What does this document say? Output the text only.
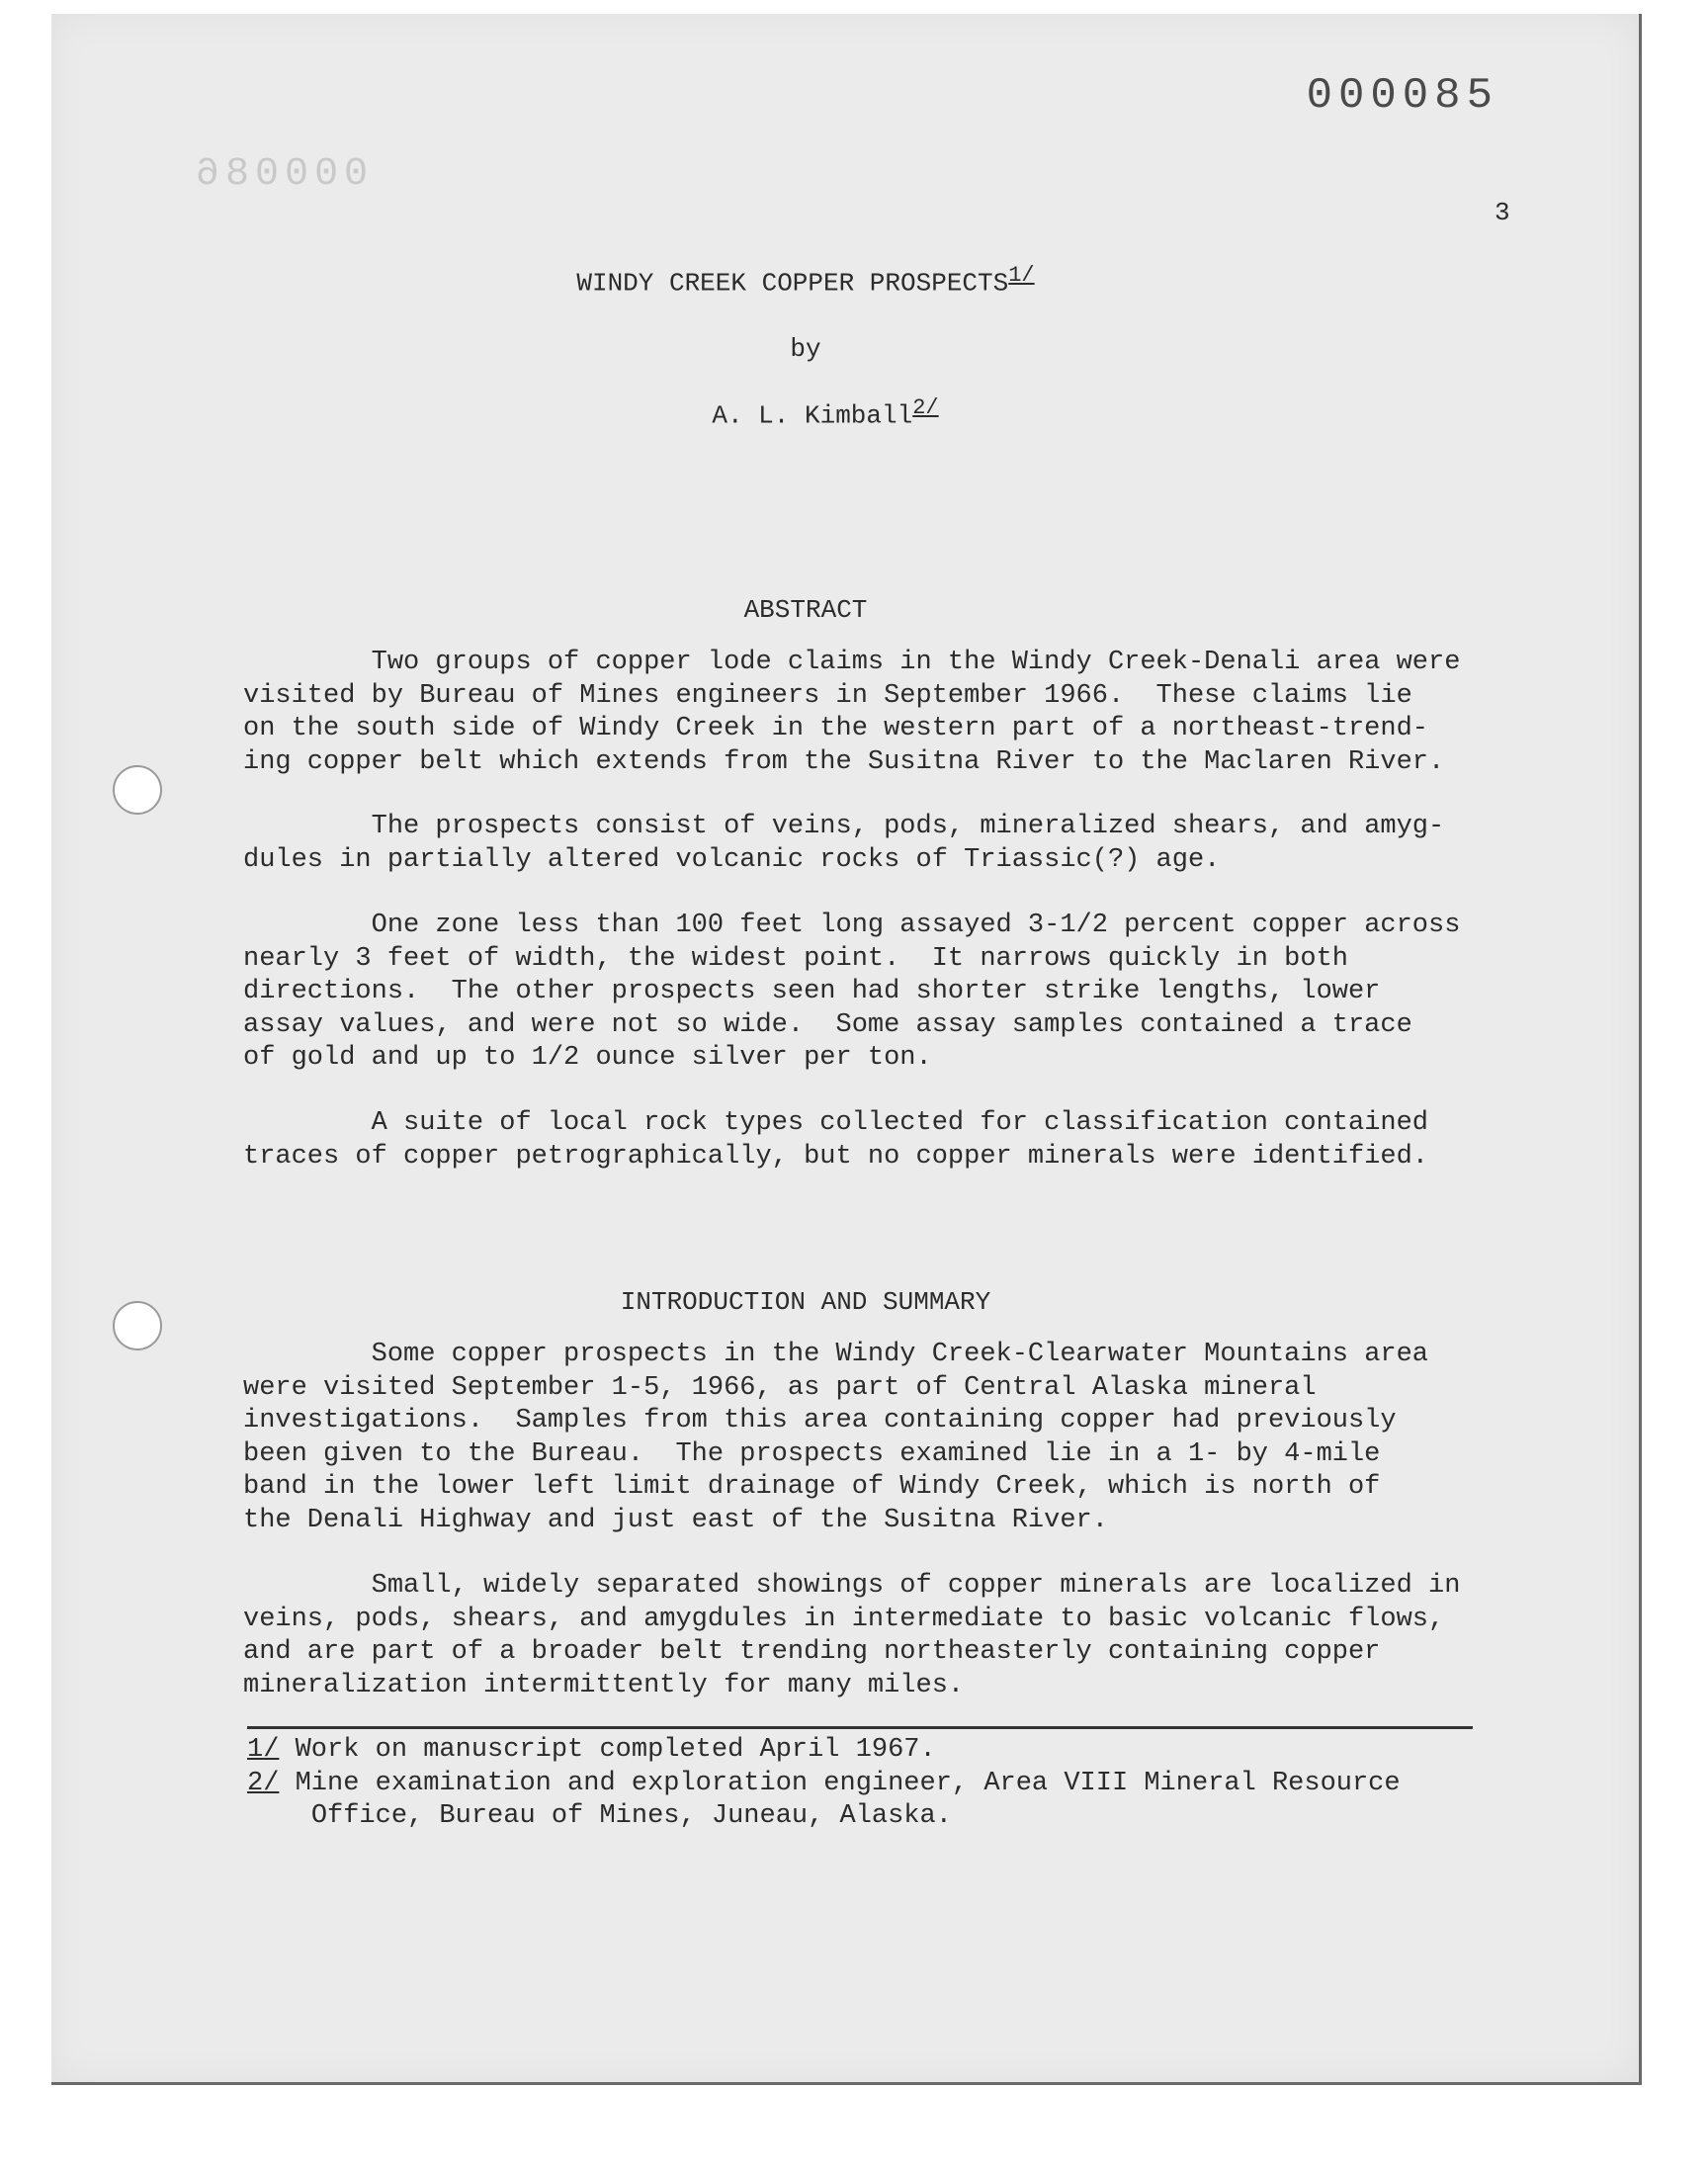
000086
000085
3
WINDY CREEK COPPER $PROSPECTS^{1/}$
by
A. L. Kimball$^{2/}$
ABSTRACT

Two groups of copper lode claims in the Windy Creek-Denali area were
visited by Bureau of Mines engineers in September 1966.  These claims lie
on the south side of Windy Creek in the western part of a northeast-trend-
ing copper belt which extends from the Susitna River to the Maclaren River.

The prospects consist of veins, pods, mineralized shears, and amyg-
dules in partially altered volcanic rocks of Triassic(?) age.

One zone less than 100 feet long assayed 3-1/2 percent copper across
nearly 3 feet of width, the widest point.  It narrows quickly in both
directions.  The other prospects seen had shorter strike lengths, lower
assay values, and were not so wide.  Some assay samples contained a trace
of gold and up to 1/2 ounce silver per ton.

A suite of local rock types collected for classification contained
traces of copper petrographically, but no copper minerals were identified.

INTRODUCTION AND SUMMARY

Some copper prospects in the Windy Creek-Clearwater Mountains area
were visited September 1-5, 1966, as part of Central Alaska mineral
investigations.  Samples from this area containing copper had previously
been given to the Bureau.  The prospects examined lie in a 1- by 4-mile
band in the lower left limit drainage of Windy Creek, which is north of
the Denali Highway and just east of the Susitna River.

Small, widely separated showings of copper minerals are localized in
veins, pods, shears, and amygdules in intermediate to basic volcanic flows,
and are part of a broader belt trending northeasterly containing copper
mineralization intermittently for many miles.

1/ Work on manuscript completed April 1967.
2/ Mine examination and exploration engineer, Area VIII Mineral Resource
Office, Bureau of Mines, Juneau, Alaska.
